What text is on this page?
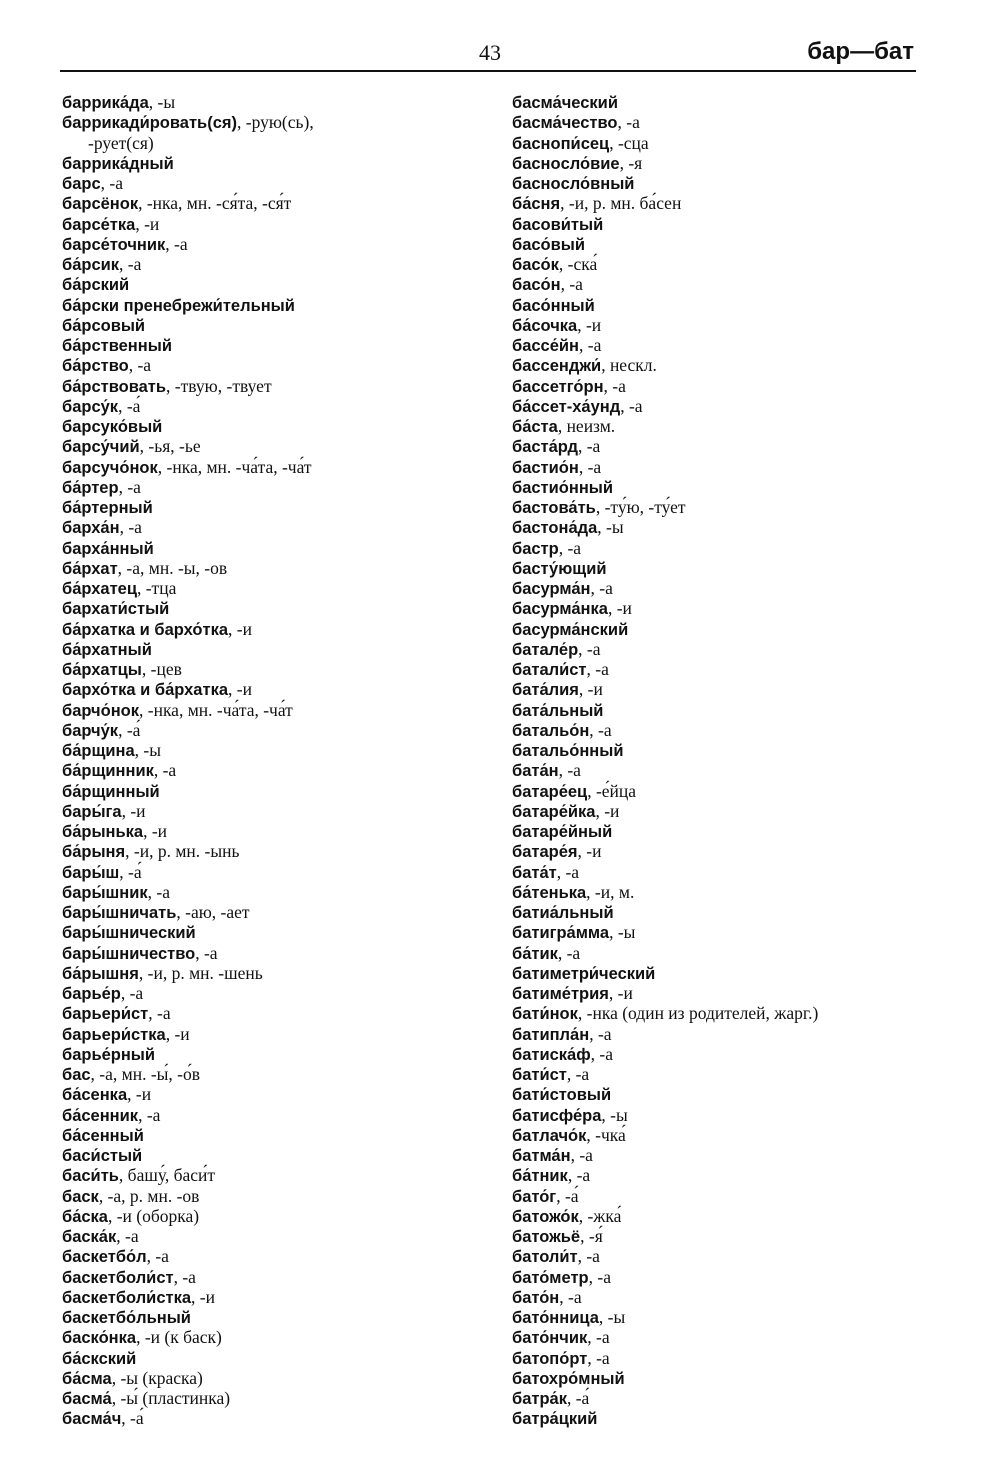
43	бар—бат
баррика́да, -ы
баррикади́ровать(ся), -рую(сь),
-рует(ся)
баррика́дный
барс, -а
барсёнок, -нка, мн. -ся́та, -ся́т
барсе́тка, -и
барсе́точник, -а
ба́рсик, -а
ба́рский
ба́рски пренебрежи́тельный
ба́рсовый
ба́рственный
ба́рство, -а
ба́рствовать, -твую, -твует
барсу́к, -а́
барсуко́вый
барсу́чий, -ья, -ье
барсучо́нок, -нка, мн. -ча́та, -ча́т
ба́ртер, -а
ба́ртерный
барха́н, -а
барха́нный
ба́рхат, -а, мн. -ы, -ов
ба́рхатец, -тца
бархати́стый
ба́рхатка и бархо́тка, -и
ба́рхатный
ба́рхатцы, -цев
бархо́тка и ба́рхатка, -и
барчо́нок, -нка, мн. -ча́та, -ча́т
барчу́к, -а́
ба́рщина, -ы
ба́рщинник, -а
ба́рщинный
бары́га, -и
ба́рынька, -и
ба́рыня, -и, р. мн. -ынь
бары́ш, -а́
бары́шник, -а
бары́шничать, -аю, -ает
бары́шнический
бары́шничество, -а
ба́рышня, -и, р. мн. -шень
барье́р, -а
барьери́ст, -а
барьери́стка, -и
барье́рный
бас, -а, мн. -ы́, -о́в
ба́сенка, -и
ба́сенник, -а
ба́сенный
баси́стый
баси́ть, башу́, баси́т
баск, -а, р. мн. -ов
ба́ска, -и (оборка)
баска́к, -а
баскетбо́л, -а
баскетболи́ст, -а
баскетболи́стка, -и
баскетбо́льный
баско́нка, -и (к баск)
ба́скский
ба́сма, -ы (краска)
басма́, -ы́ (пластинка)
басма́ч, -а́
басма́ческий
басма́чество, -а
баснопи́сец, -сца
баснoсло́вие, -я
баснoсло́вный
ба́сня, -и, р. мн. ба́сен
басови́тый
басо́вый
басо́к, -ска́
басо́н, -а
басо́нный
ба́сочка, -и
бассе́йн, -а
бассенджи́, нескл.
бассетго́рн, -а
ба́ссет-ха́унд, -а
ба́ста, неизм.
баста́рд, -а
бастио́н, -а
бастио́нный
бастова́ть, -ту́ю, -ту́ет
бастона́да, -ы
бастр, -а
басту́ющий
басурма́н, -а
басурма́нка, -и
басурма́нский
батале́р, -а
батали́ст, -а
бата́лия, -и
бата́льный
батальо́н, -а
батальо́нный
бата́н, -а
батаре́ец, -е́йца
батаре́йка, -и
батаре́йный
батаре́я, -и
бата́т, -а
ба́тенька, -и, м.
батиа́льный
батигра́мма, -ы
ба́тик, -а
батиметри́ческий
батиме́трия, -и
бати́нок, -нка (один из родителей, жарг.)
батипла́н, -а
батиска́ф, -а
бати́ст, -а
бати́стовый
батисфе́ра, -ы
батлачо́к, -чка́
батма́н, -а
ба́тник, -а
бато́г, -а́
батожо́к, -жка́
батожьё, -я́
батоли́т, -а
бато́метр, -а
бато́н, -а
бато́нница, -ы
бато́нчик, -а
батопо́рт, -а
батохро́мный
батра́к, -а́
батра́цкий
